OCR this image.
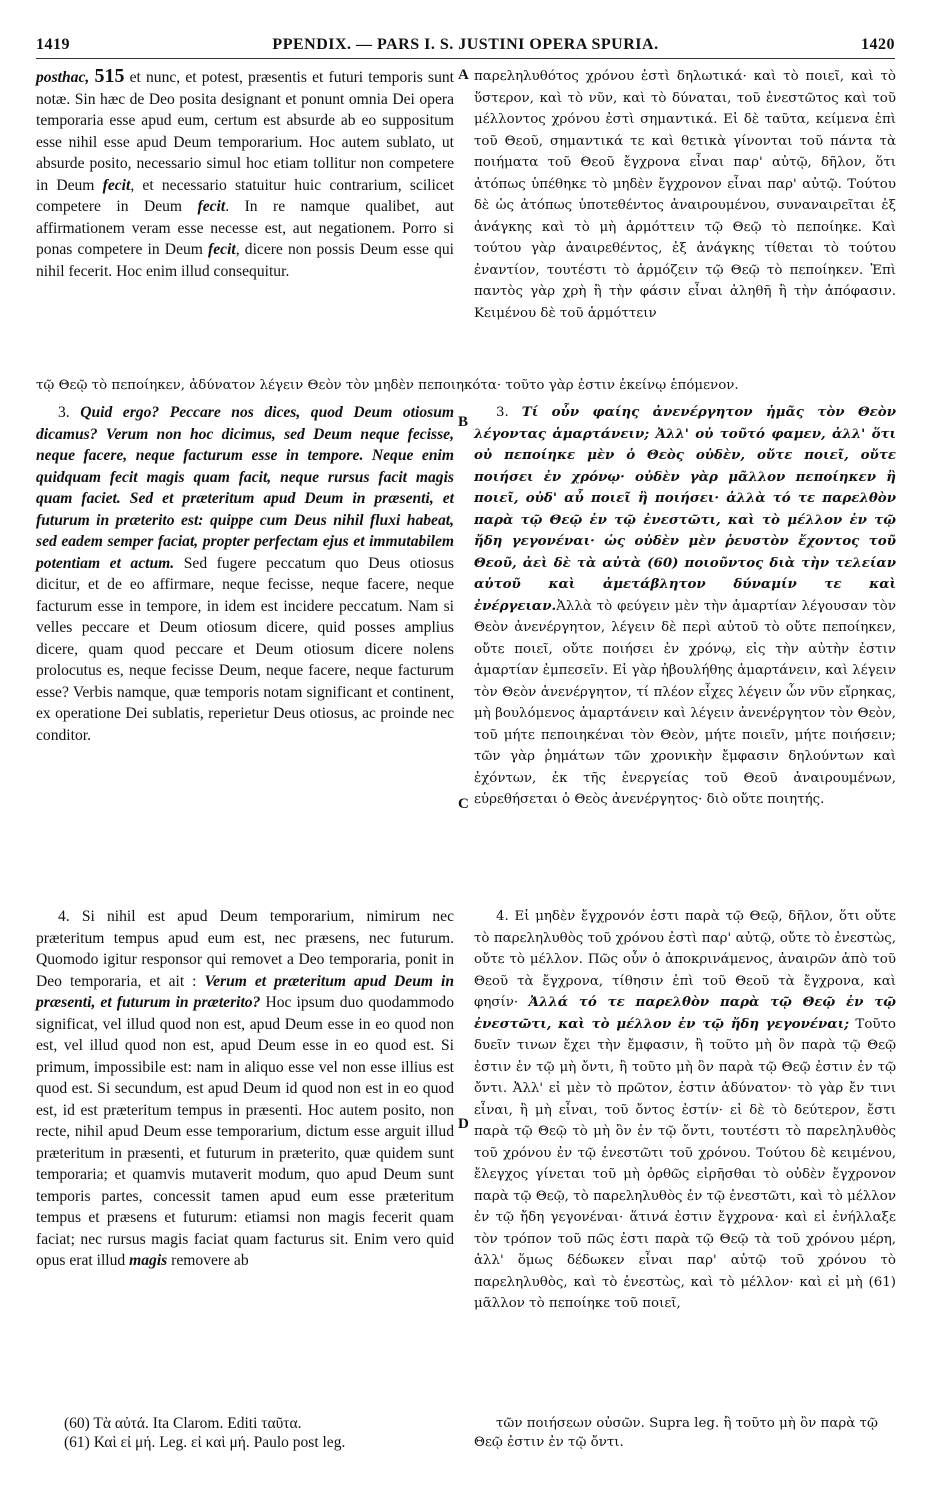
1419	PPENDIX. — PARS I. S. JUSTINI OPERA SPURIA.	1420

posthac, 515 et nunc, et potest, præsentis et futuri temporis sunt notæ. Sin hæc de Deo posita designant et ponunt omnia Dei opera temporaria esse apud eum, certum est absurde ab eo suppositum esse nihil esse apud Deum temporarium. Hoc autem sublato, ut absurde posito, necessario simul hoc etiam tollitur non competere in Deum fecit, et necessario statuitur huic contrarium, scilicet competere in Deum fecit. In re namque qualibet, aut affirmationem veram esse necesse est, aut negationem. Porro si ponas competere in Deum fecit, dicere non possis Deum esse qui nihil fecerit. Hoc enim illud consequitur.

παρεληλυθότος χρόνου ἐστὶ δηλωτικά· καὶ τὸ ποιεῖ, καὶ τὸ ὕστερον, καὶ τὸ νῦν, καὶ τὸ δύναται, τοῦ ἐνεστῶτος καὶ τοῦ μέλλοντος χρόνου ἐστὶ σημαντικά. Εἰ δὲ ταῦτα, κείμενα ἐπὶ τοῦ Θεοῦ, σημαντικά τε καὶ θετικὰ γίνονται τοῦ πάντα τὰ ποιήματα τοῦ Θεοῦ ἔγχρονα εἶναι παρ' αὐτῷ, δῆλον, ὅτι ἀτόπως ὑπέθηκε τὸ μηδὲν ἔγχρονον εἶναι παρ' αὐτῷ. Τούτου δὲ ὡς ἀτόπως ὑποτεθέντος ἀναιρουμένου, συναναιρεῖται ἐξ ἀνάγκης καὶ τὸ μὴ ἁρμόττειν τῷ Θεῷ τὸ πεποίηκε. Καὶ τούτου γὰρ ἀναιρεθέντος, ἐξ ἀνάγκης τίθεται τὸ τούτου ἐναντίον, τουτέστι τὸ ἁρμόζειν τῷ Θεῷ τὸ πεποίηκεν. Ἐπὶ παντὸς γὰρ χρὴ ἢ τὴν φάσιν εἶναι ἀληθῆ ἢ τὴν ἀπόφασιν. Κειμένου δὲ τοῦ ἁρμόττειν

τῷ Θεῷ τὸ πεποίηκεν, ἀδύνατον λέγειν Θεὸν τὸν μηδὲν πεποιηκότα· τοῦτο γὰρ ἐστιν ἐκείνῳ ἑπόμενον.

3. Quid ergo? Peccare nos dices, quod Deum otiosum dicamus? Verum non hoc dicimus, sed Deum neque fecisse, neque facere, neque facturum esse in tempore. Neque enim quidquam fecit magis quam facit, neque rursus facit magis quam faciet. Sed et præteritum apud Deum in præsenti, et futurum in præterito est: quippe cum Deus nihil fluxi habeat, sed eadem semper faciat, propter perfectam ejus et immutabilem potentiam et actum. Sed fugere peccatum quo Deus otiosus dicitur, et de eo affirmare, neque fecisse, neque facere, neque facturum esse in tempore, in idem est incidere peccatum. Nam si velles peccare et Deum otiosum dicere, quid posses amplius dicere, quam quod peccare et Deum otiosum dicere nolens prolocutus es, neque fecisse Deum, neque facere, neque facturum esse? Verbis namque, quæ temporis notam significant et continent, ex operatione Dei sublatis, reperietur Deus otiosus, ac proinde nec conditor.

3. Τί οὖν φαίης ἀνενέργητον ἡμᾶς τὸν Θεὸν λέγοντας ἁμαρτάνειν; Ἀλλ' οὐ τοῦτό φαμεν, ἀλλ' ὅτι οὐ πεποίηκε μὲν ὁ Θεὸς οὐδὲν, οὔτε ποιεῖ, οὔτε ποιήσει ἐν χρόνῳ· οὐδὲν γὰρ μᾶλλον πεποίηκεν ἢ ποιεῖ, οὐδ' αὖ ποιεῖ ἢ ποιήσει· ἀλλὰ τό τε παρελθὸν παρὰ τῷ Θεῷ ἐν τῷ ἐνεστῶτι, καὶ τὸ μέλλον ἐν τῷ ἤδη γεγονέναι· ὡς οὐδὲν μὲν ῥευστὸν ἔχοντος τοῦ Θεοῦ, ἀεὶ δὲ τὰ αὐτὰ (60) ποιοῦντος διὰ τὴν τελείαν αὐτοῦ καὶ ἀμετάβλητον δύναμίν τε καὶ ἐνέργειαν.Ἀλλὰ τὸ φεύγειν μὲν τὴν ἁμαρτίαν λέγουσαν τὸν Θεὸν ἀνενέργητον, λέγειν δὲ περὶ αὐτοῦ τὸ οὔτε πεποίηκεν, οὔτε ποιεῖ, οὔτε ποιήσει ἐν χρόνῳ, εἰς τὴν αὐτὴν ἐστιν ἁμαρτίαν ἐμπεσεῖν. Εἰ γὰρ ἠβουλήθης ἁμαρτάνειν, καὶ λέγειν τὸν Θεὸν ἀνενέργητον, τί πλέον εἶχες λέγειν ὧν νῦν εἴρηκας, μὴ βουλόμενος ἁμαρτάνειν καὶ λέγειν ἀνενέργητον τὸν Θεὸν, τοῦ μήτε πεποιηκέναι τὸν Θεὸν, μήτε ποιεῖν, μήτε ποιήσειν; τῶν γὰρ ῥημάτων τῶν χρονικὴν ἔμφασιν δηλούντων καὶ ἐχόντων, ἐκ τῆς ἐνεργείας τοῦ Θεοῦ ἀναιρουμένων, εὑρεθήσεται ὁ Θεὸς ἀνενέργητος· διὸ οὔτε ποιητής.

4. Si nihil est apud Deum temporarium, nimirum nec præteritum tempus apud eum est, nec præsens, nec futurum. Quomodo igitur responsor qui removet a Deo temporaria, ponit in Deo temporaria, et ait : Verum et præteritum apud Deum in præsenti, et futurum in præterito? Hoc ipsum duo quodammodo significat, vel illud quod non est, apud Deum esse in eo quod non est, vel illud quod non est, apud Deum esse in eo quod est. Si primum, impossibile est: nam in aliquo esse vel non esse illius est quod est. Si secundum, est apud Deum id quod non est in eo quod est, id est præteritum tempus in præsenti. Hoc autem posito, non recte, nihil apud Deum esse temporarium, dictum esse arguit illud præteritum in præsenti, et futurum in præterito, quæ quidem sunt temporaria; et quamvis mutaverit modum, quo apud Deum sunt temporis partes, concessit tamen apud eum esse præteritum tempus et præsens et futurum: etiamsi non magis fecerit quam faciat; nec rursus magis faciat quam facturus sit. Enim vero quid opus erat illud magis removere ab

4. Εἰ μηδὲν ἔγχρονόν ἐστι παρὰ τῷ Θεῷ, δῆλον, ὅτι οὔτε τὸ παρεληλυθὸς τοῦ χρόνου ἐστὶ παρ' αὐτῷ, οὔτε τὸ ἐνεστὼς, οὔτε τὸ μέλλον. Πῶς οὖν ὁ ἀποκρινάμενος, ἀναιρῶν ἀπὸ τοῦ Θεοῦ τὰ ἔγχρονα, τίθησιν ἐπὶ τοῦ Θεοῦ τὰ ἔγχρονα, καὶ φησίν· Ἀλλά τό τε παρελθὸν παρὰ τῷ Θεῷ ἐν τῷ ἐνεστῶτι, καὶ τὸ μέλλον ἐν τῷ ἤδη γεγονέναι; Τοῦτο δυεῖν τινων ἔχει τὴν ἔμφασιν, ἢ τοῦτο μὴ ὂν παρὰ τῷ Θεῷ ἐστιν ἐν τῷ μὴ ὄντι, ἢ τοῦτο μὴ ὂν παρὰ τῷ Θεῷ ἐστιν ἐν τῷ ὄντι. Ἀλλ' εἰ μὲν τὸ πρῶτον, ἐστιν ἀδύνατον· τὸ γὰρ ἔν τινι εἶναι, ἢ μὴ εἶναι, τοῦ ὄντος ἐστίν· εἰ δὲ τὸ δεύτερον, ἔστι παρὰ τῷ Θεῷ τὸ μὴ ὂν ἐν τῷ ὄντι, τουτέστι τὸ παρεληλυθὸς τοῦ χρόνου ἐν τῷ ἐνεστῶτι τοῦ χρόνου. Τούτου δὲ κειμένου, ἔλεγχος γίνεται τοῦ μὴ ὀρθῶς εἰρῆσθαι τὸ οὐδὲν ἔγχρονον παρὰ τῷ Θεῷ, τὸ παρεληλυθὸς ἐν τῷ ἐνεστῶτι, καὶ τὸ μέλλον ἐν τῷ ἤδη γεγονέναι· ἅτινά ἐστιν ἔγχρονα· καὶ εἰ ἐνήλλαξε τὸν τρόπον τοῦ πῶς ἐστι παρὰ τῷ Θεῷ τὰ τοῦ χρόνου μέρη, ἀλλ' ὅμως δέδωκεν εἶναι παρ' αὐτῷ τοῦ χρόνου τὸ παρεληλυθὸς, καὶ τὸ ἐνεστὼς, καὶ τὸ μέλλον· καὶ εἰ μὴ (61) μᾶλλον τὸ πεποίηκε τοῦ ποιεῖ,

A
B
C
D

(60) Τὰ αὐτά. Ita Clarom. Editi ταῦτα.

(61) Καὶ εἰ μή. Leg. εἰ καὶ μή. Paulo post leg.

τῶν ποιήσεων οὐσῶν. Supra leg. ἢ τοῦτο μὴ ὂν παρὰ τῷ Θεῷ ἐστιν ἐν τῷ ὄντι.
